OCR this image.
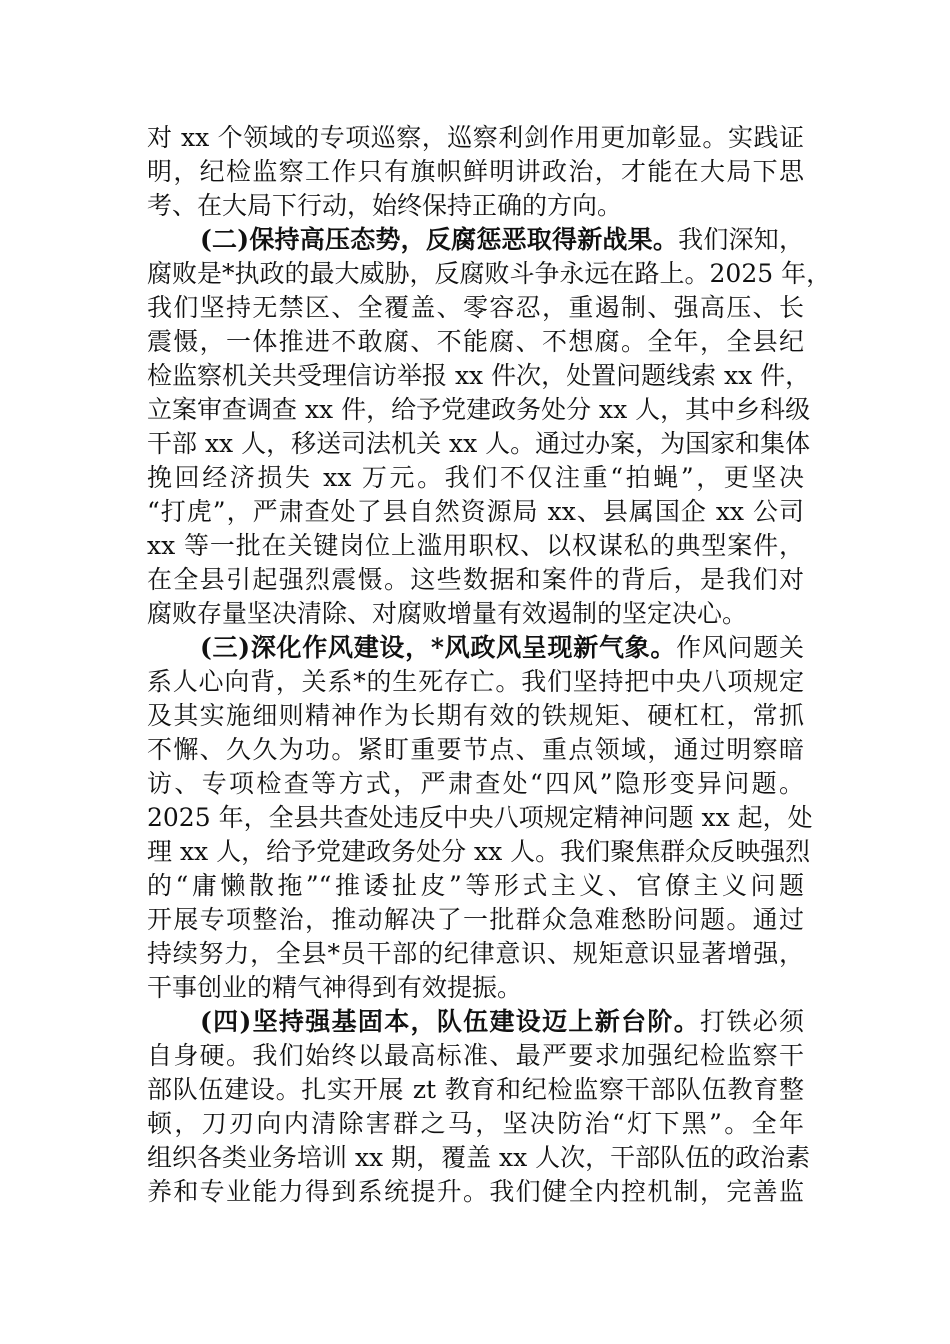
对 xx 个领域的专项巡察，巡察利剑作用更加彰显。实践证
明，纪检监察工作只有旗帜鲜明讲政治，才能在大局下思
考、在大局下行动，始终保持正确的方向。
(二)保持高压态势，反腐惩恶取得新战果。我们深知，
腐败是*执政的最大威胁，反腐败斗争永远在路上。2025 年，
我们坚持无禁区、全覆盖、零容忍，重遏制、强高压、长
震慑，一体推进不敢腐、不能腐、不想腐。全年，全县纪
检监察机关共受理信访举报 xx 件次，处置问题线索 xx 件，
立案审查调查 xx 件，给予党建政务处分 xx 人，其中乡科级
干部 xx 人，移送司法机关 xx 人。通过办案，为国家和集体
挽回经济损失 xx 万元。我们不仅注重“拍蝇”，更坚决
“打虎”，严肃查处了县自然资源局 xx、县属国企 xx 公司
xx 等一批在关键岗位上滥用职权、以权谋私的典型案件，
在全县引起强烈震慑。这些数据和案件的背后，是我们对
腐败存量坚决清除、对腐败增量有效遏制的坚定决心。
(三)深化作风建设，*风政风呈现新气象。作风问题关
系人心向背，关系*的生死存亡。我们坚持把中央八项规定
及其实施细则精神作为长期有效的铁规矩、硬杠杠，常抓
不懈、久久为功。紧盯重要节点、重点领域，通过明察暗
访、专项检查等方式，严肃查处“四风”隐形变异问题。
2025 年，全县共查处违反中央八项规定精神问题 xx 起，处
理 xx 人，给予党建政务处分 xx 人。我们聚焦群众反映强烈
的“庸懒散拖”“推诿扯皮”等形式主义、官僚主义问题
开展专项整治，推动解决了一批群众急难愁盼问题。通过
持续努力，全县*员干部的纪律意识、规矩意识显著增强，
干事创业的精气神得到有效提振。
(四)坚持强基固本，队伍建设迈上新台阶。打铁必须
自身硬。我们始终以最高标准、最严要求加强纪检监察干
部队伍建设。扎实开展 zt 教育和纪检监察干部队伍教育整
顿，刀刃向内清除害群之马，坚决防治“灯下黑”。全年
组织各类业务培训 xx 期，覆盖 xx 人次，干部队伍的政治素
养和专业能力得到系统提升。我们健全内控机制，完善监
